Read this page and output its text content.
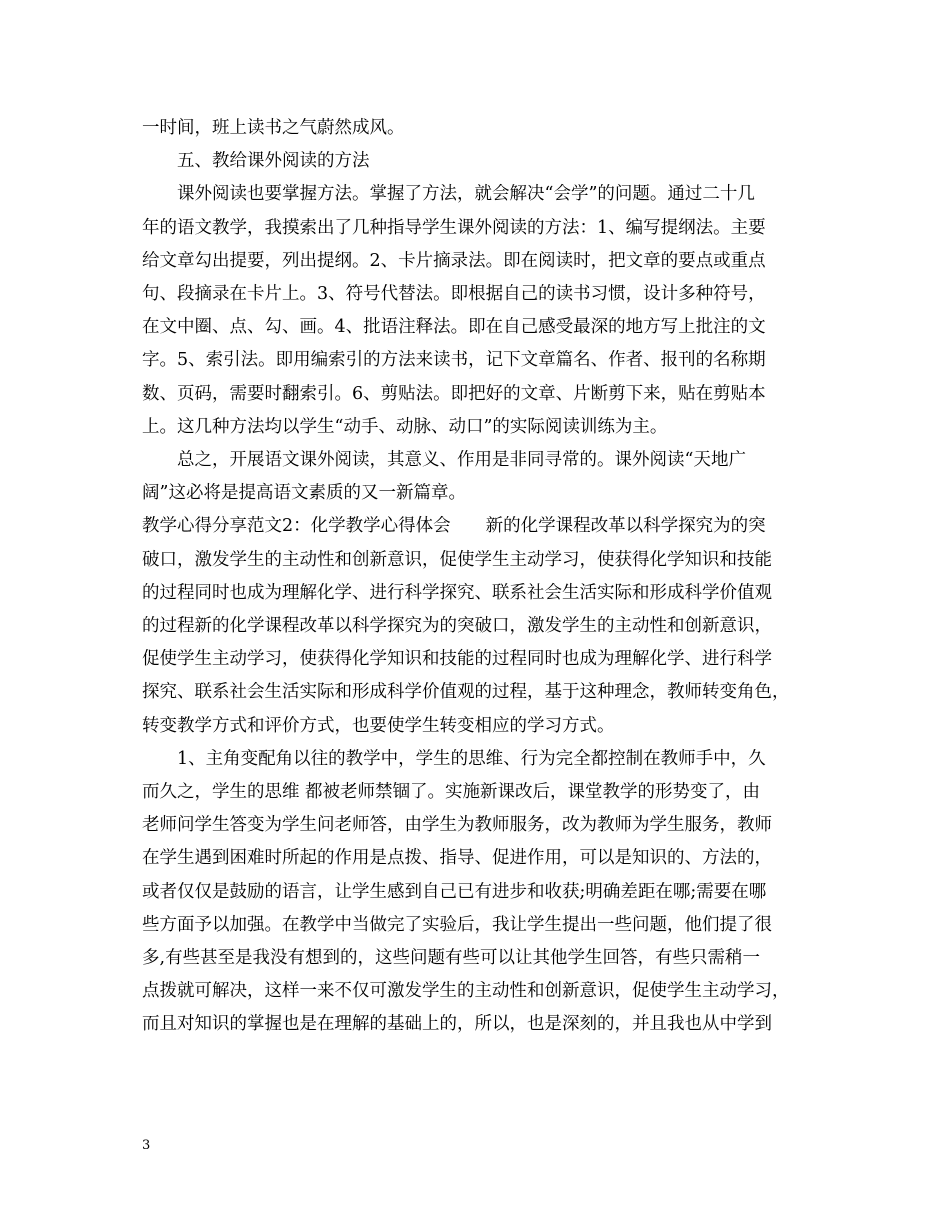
一时间，班上读书之气蔚然成风。
五、教给课外阅读的方法
课外阅读也要掌握方法。掌握了方法，就会解决“会学”的问题。通过二十几
年的语文教学，我摸索出了几种指导学生课外阅读的方法：1、编写提纲法。主要
给文章勾出提要，列出提纲。2、卡片摘录法。即在阅读时，把文章的要点或重点
句、段摘录在卡片上。3、符号代替法。即根据自己的读书习惯，设计多种符号，
在文中圈、点、勾、画。4、批语注释法。即在自己感受最深的地方写上批注的文
字。5、索引法。即用编索引的方法来读书，记下文章篇名、作者、报刊的名称期
数、页码，需要时翻索引。6、剪贴法。即把好的文章、片断剪下来，贴在剪贴本
上。这几种方法均以学生“动手、动脉、动口”的实际阅读训练为主。
总之，开展语文课外阅读，其意义、作用是非同寻常的。课外阅读“天地广
阔”这必将是提高语文素质的又一新篇章。
教学心得分享范文2：化学教学心得体会　　新的化学课程改革以科学探究为的突
破口，激发学生的主动性和创新意识，促使学生主动学习，使获得化学知识和技能
的过程同时也成为理解化学、进行科学探究、联系社会生活实际和形成科学价值观
的过程新的化学课程改革以科学探究为的突破口，激发学生的主动性和创新意识，
促使学生主动学习，使获得化学知识和技能的过程同时也成为理解化学、进行科学
探究、联系社会生活实际和形成科学价值观的过程，基于这种理念，教师转变角色，
转变教学方式和评价方式，也要使学生转变相应的学习方式。
1、主角变配角以往的教学中，学生的思维、行为完全都控制在教师手中，久
而久之，学生的思维 都被老师禁锢了。实施新课改后，课堂教学的形势变了，由
老师问学生答变为学生问老师答，由学生为教师服务，改为教师为学生服务，教师
在学生遇到困难时所起的作用是点拨、指导、促进作用，可以是知识的、方法的，
或者仅仅是鼓励的语言，让学生感到自己已有进步和收获;明确差距在哪;需要在哪
些方面予以加强。在教学中当做完了实验后，我让学生提出一些问题，他们提了很
多,有些甚至是我没有想到的，这些问题有些可以让其他学生回答，有些只需稍一
点拨就可解决，这样一来不仅可激发学生的主动性和创新意识，促使学生主动学习，
而且对知识的掌握也是在理解的基础上的，所以，也是深刻的，并且我也从中学到
3
